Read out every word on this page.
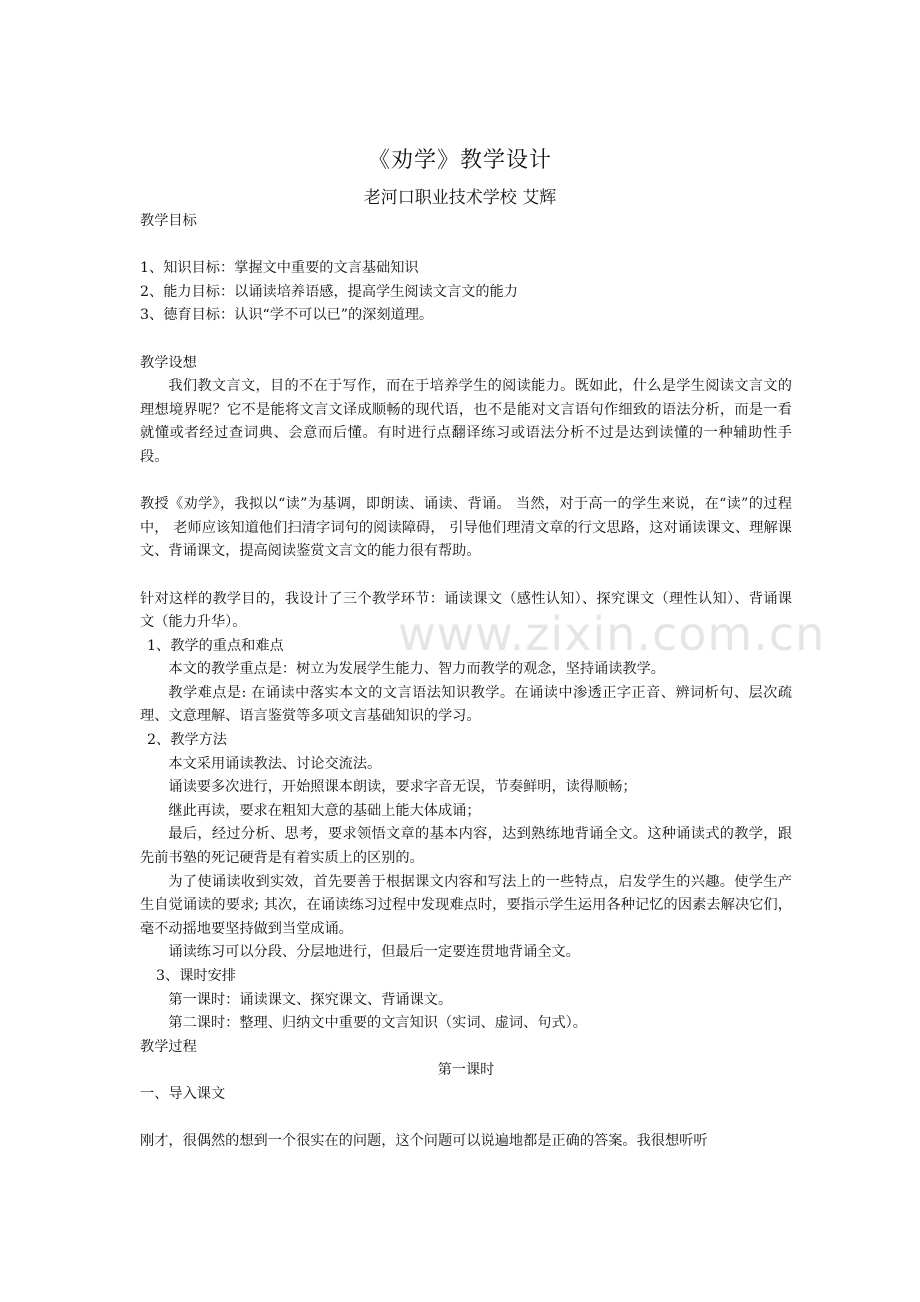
《劝学》教学设计
老河口职业技术学校 艾辉

教学目标

1、知识目标：掌握文中重要的文言基础知识

2、能力目标：以诵读培养语感，提高学生阅读文言文的能力

3、德育目标：认识“学不可以已”的深刻道理。

教学设想

我们教文言文，目的不在于写作，而在于培养学生的阅读能力。既如此，什么是学生阅读文言文的理想境界呢？它不是能将文言文译成顺畅的现代语，也不是能对文言语句作细致的语法分析，而是一看就懂或者经过查词典、会意而后懂。有时进行点翻译练习或语法分析不过是达到读懂的一种辅助性手段。

教授《劝学》，我拟以“读”为基调，即朗读、诵读、背诵。 当然，对于高一的学生来说，在“读”的过程中， 老师应该知道他们扫清字词句的阅读障碍， 引导他们理清文章的行文思路，这对诵读课文、理解课文、背诵课文，提高阅读鉴赏文言文的能力很有帮助。

针对这样的教学目的，我设计了三个教学环节：诵读课文（感性认知）、探究课文（理性认知）、背诵课文（能力升华）。

1、教学的重点和难点

本文的教学重点是：树立为发展学生能力、智力而教学的观念，坚持诵读教学。

教学难点是: 在诵读中落实本文的文言语法知识教学。在诵读中渗透正字正音、辨词析句、层次疏理、文意理解、语言鉴赏等多项文言基础知识的学习。

2、教学方法

本文采用诵读教法、讨论交流法。

诵读要多次进行，开始照课本朗读，要求字音无误，节奏鲜明，读得顺畅；

继此再读，要求在粗知大意的基础上能大体成诵；

最后，经过分析、思考，要求领悟文章的基本内容，达到熟练地背诵全文。这种诵读式的教学，跟先前书塾的死记硬背是有着实质上的区别的。

为了使诵读收到实效，首先要善于根据课文内容和写法上的一些特点，启发学生的兴趣。使学生产生自觉诵读的要求; 其次，在诵读练习过程中发现难点时，要指示学生运用各种记忆的因素去解决它们，毫不动摇地要坚持做到当堂成诵。

诵读练习可以分段、分层地进行，但最后一定要连贯地背诵全文。

3、课时安排

第一课时：诵读课文、探究课文、背诵课文。

第二课时：整理、归纳文中重要的文言知识（实词、虚词、句式）。

教学过程

第一课时

一、导入课文

刚才，很偶然的想到一个很实在的问题，这个问题可以说遍地都是正确的答案。我很想听听

www.zixin.com.cn
